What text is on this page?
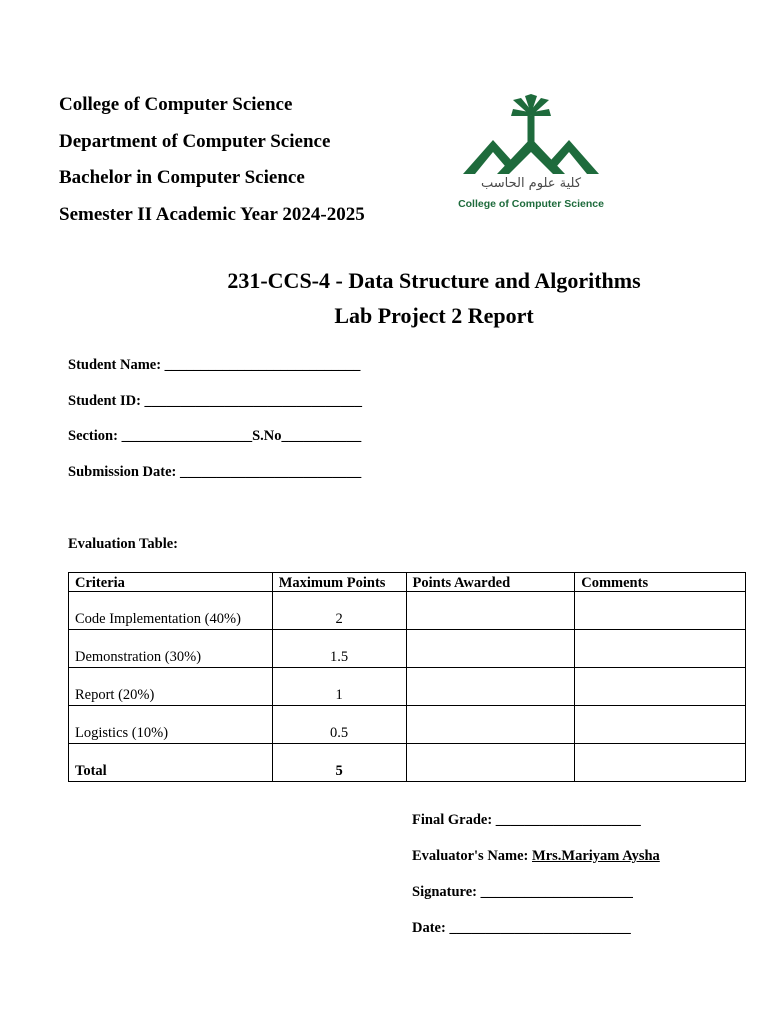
College of Computer Science
Department of Computer Science
Bachelor in Computer Science
Semester II Academic Year 2024-2025
كلية علوم الحاسب
College of Computer Science
231-CCS-4 - Data Structure and Algorithms
Lab Project 2 Report
Student Name: ___________________________
Student ID: ______________________________
Section: __________________S.No___________
Submission Date: _________________________
Evaluation Table:
Criteria	Maximum Points	Points Awarded	Comments
Code Implementation (40%)	2		
Demonstration (30%)	1.5		
Report (20%)	1		
Logistics (10%)	0.5		
Total	5		
Final Grade: ____________________
Evaluator's Name: Mrs.Mariyam Aysha
Signature: _____________________
Date: _________________________
